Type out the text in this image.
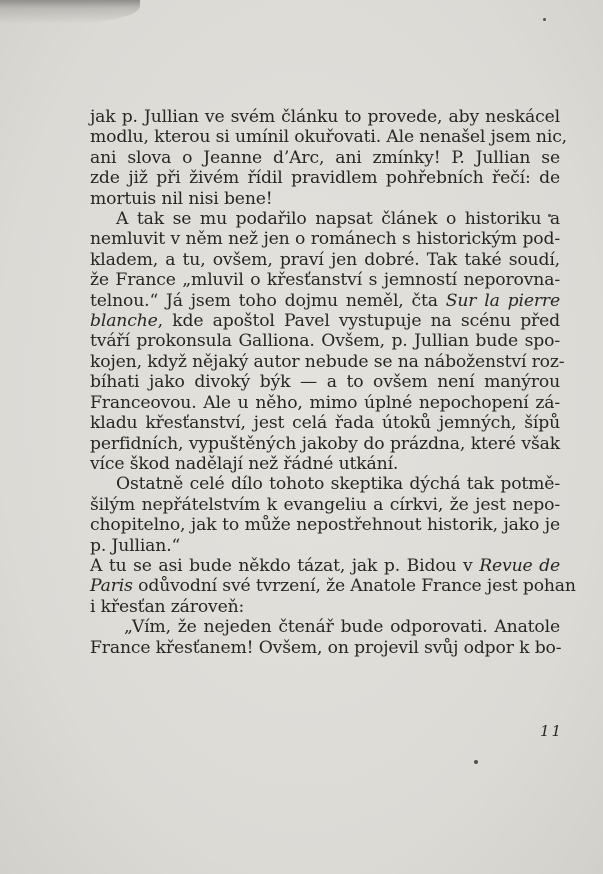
jak p. Jullian ve svém článku to provede, aby neskácel
modlu, kterou si umínil okuřovati. Ale nenašel jsem nic,
ani slova o Jeanne d’Arc, ani zmínky! P. Jullian se
zde již při živém řídil pravidlem pohřebních řečí: de
mortuis nil nisi bene!
A tak se mu podařilo napsat článek o historiku a
nemluvit v něm než jen o románech s historickým pod-
kladem, a tu, ovšem, praví jen dobré. Tak také soudí,
že France „mluvil o křesťanství s jemností neporovna-
telnou.“ Já jsem toho dojmu neměl, čta Sur la pierre
blanche, kde apoštol Pavel vystupuje na scénu před
tváří prokonsula Galliona. Ovšem, p. Jullian bude spo-
kojen, když nějaký autor nebude se na náboženství roz-
bíhati jako divoký býk — a to ovšem není manýrou
Franceovou. Ale u něho, mimo úplné nepochopení zá-
kladu křesťanství, jest celá řada útoků jemných, šípů
perfidních, vypuštěných jakoby do prázdna, které však
více škod nadělají než řádné utkání.
Ostatně celé dílo tohoto skeptika dýchá tak potmě-
šilým nepřátelstvím k evangeliu a církvi, že jest nepo-
chopitelno, jak to může nepostřehnout historik, jako je
p. Jullian.“
A tu se asi bude někdo tázat, jak p. Bidou v Revue de
Paris odůvodní své tvrzení, že Anatole France jest pohan
i křesťan zároveň:
„Vím, že nejeden čtenář bude odporovati. Anatole
France křesťanem! Ovšem, on projevil svůj odpor k bo-
11
